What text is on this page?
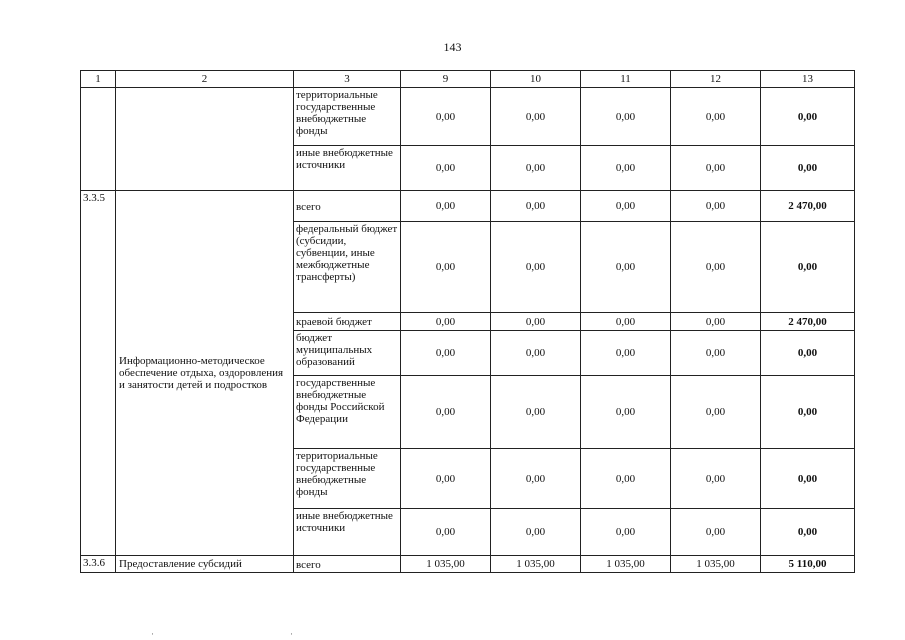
143
1	2	3	9	10	11	12	13
		территориальные государственные внебюджетные фонды	0,00	0,00	0,00	0,00	0,00
		иные внебюджетные источники	0,00	0,00	0,00	0,00	0,00
3.3.5	Информационно-методическое обеспечение отдыха, оздоровления и занятости детей и подростков	всего	0,00	0,00	0,00	0,00	2 470,00
		федеральный бюджет (субсидии, субвенции, иные межбюджетные трансферты)	0,00	0,00	0,00	0,00	0,00
		краевой бюджет	0,00	0,00	0,00	0,00	2 470,00
		бюджет муниципальных образований	0,00	0,00	0,00	0,00	0,00
		государственные внебюджетные фонды Российской Федерации	0,00	0,00	0,00	0,00	0,00
		территориальные государственные внебюджетные фонды	0,00	0,00	0,00	0,00	0,00
		иные внебюджетные источники	0,00	0,00	0,00	0,00	0,00
3.3.6	Предоставление субсидий	всего	1 035,00	1 035,00	1 035,00	1 035,00	5 110,00
·	·
